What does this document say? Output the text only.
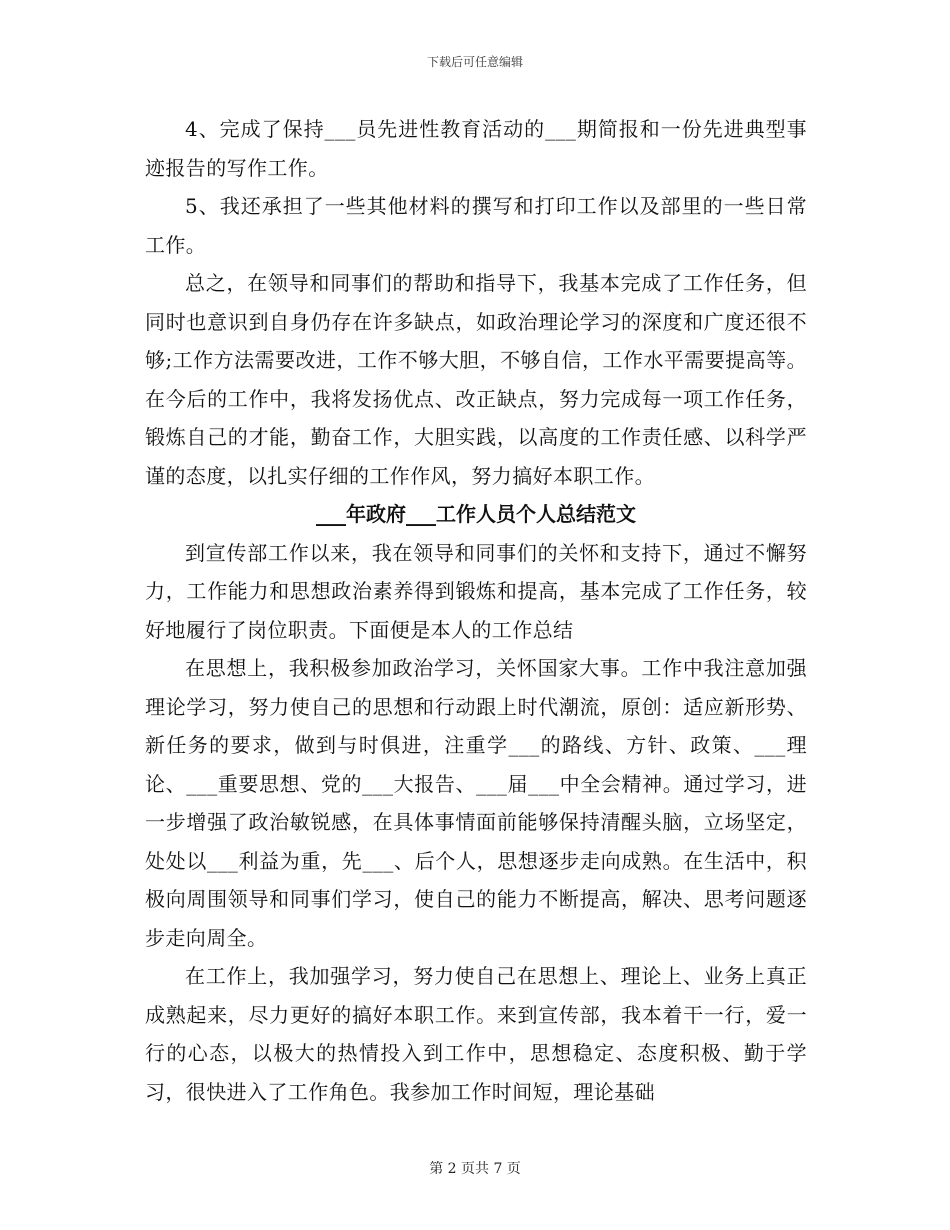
下载后可任意编辑

4、完成了保持___员先进性教育活动的___期简报和一份先进典型事迹报告的写作工作。

5、我还承担了一些其他材料的撰写和打印工作以及部里的一些日常工作。

总之，在领导和同事们的帮助和指导下，我基本完成了工作任务，但同时也意识到自身仍存在许多缺点，如政治理论学习的深度和广度还很不够;工作方法需要改进，工作不够大胆，不够自信，工作水平需要提高等。在今后的工作中，我将发扬优点、改正缺点，努力完成每一项工作任务，锻炼自己的才能，勤奋工作，大胆实践，以高度的工作责任感、以科学严谨的态度，以扎实仔细的工作作风，努力搞好本职工作。

___年政府___工作人员个人总结范文

到宣传部工作以来，我在领导和同事们的关怀和支持下，通过不懈努力，工作能力和思想政治素养得到锻炼和提高，基本完成了工作任务，较好地履行了岗位职责。下面便是本人的工作总结

在思想上，我积极参加政治学习，关怀国家大事。工作中我注意加强理论学习，努力使自己的思想和行动跟上时代潮流，原创：适应新形势、新任务的要求，做到与时俱进，注重学___的路线、方针、政策、___理论、___重要思想、党的___大报告、___届___中全会精神。通过学习，进一步增强了政治敏锐感，在具体事情面前能够保持清醒头脑，立场坚定，处处以___利益为重，先___、后个人，思想逐步走向成熟。在生活中，积极向周围领导和同事们学习，使自己的能力不断提高，解决、思考问题逐步走向周全。

在工作上，我加强学习，努力使自己在思想上、理论上、业务上真正成熟起来，尽力更好的搞好本职工作。来到宣传部，我本着干一行，爱一行的心态，以极大的热情投入到工作中，思想稳定、态度积极、勤于学习，很快进入了工作角色。我参加工作时间短，理论基础

第 2 页共 7 页
